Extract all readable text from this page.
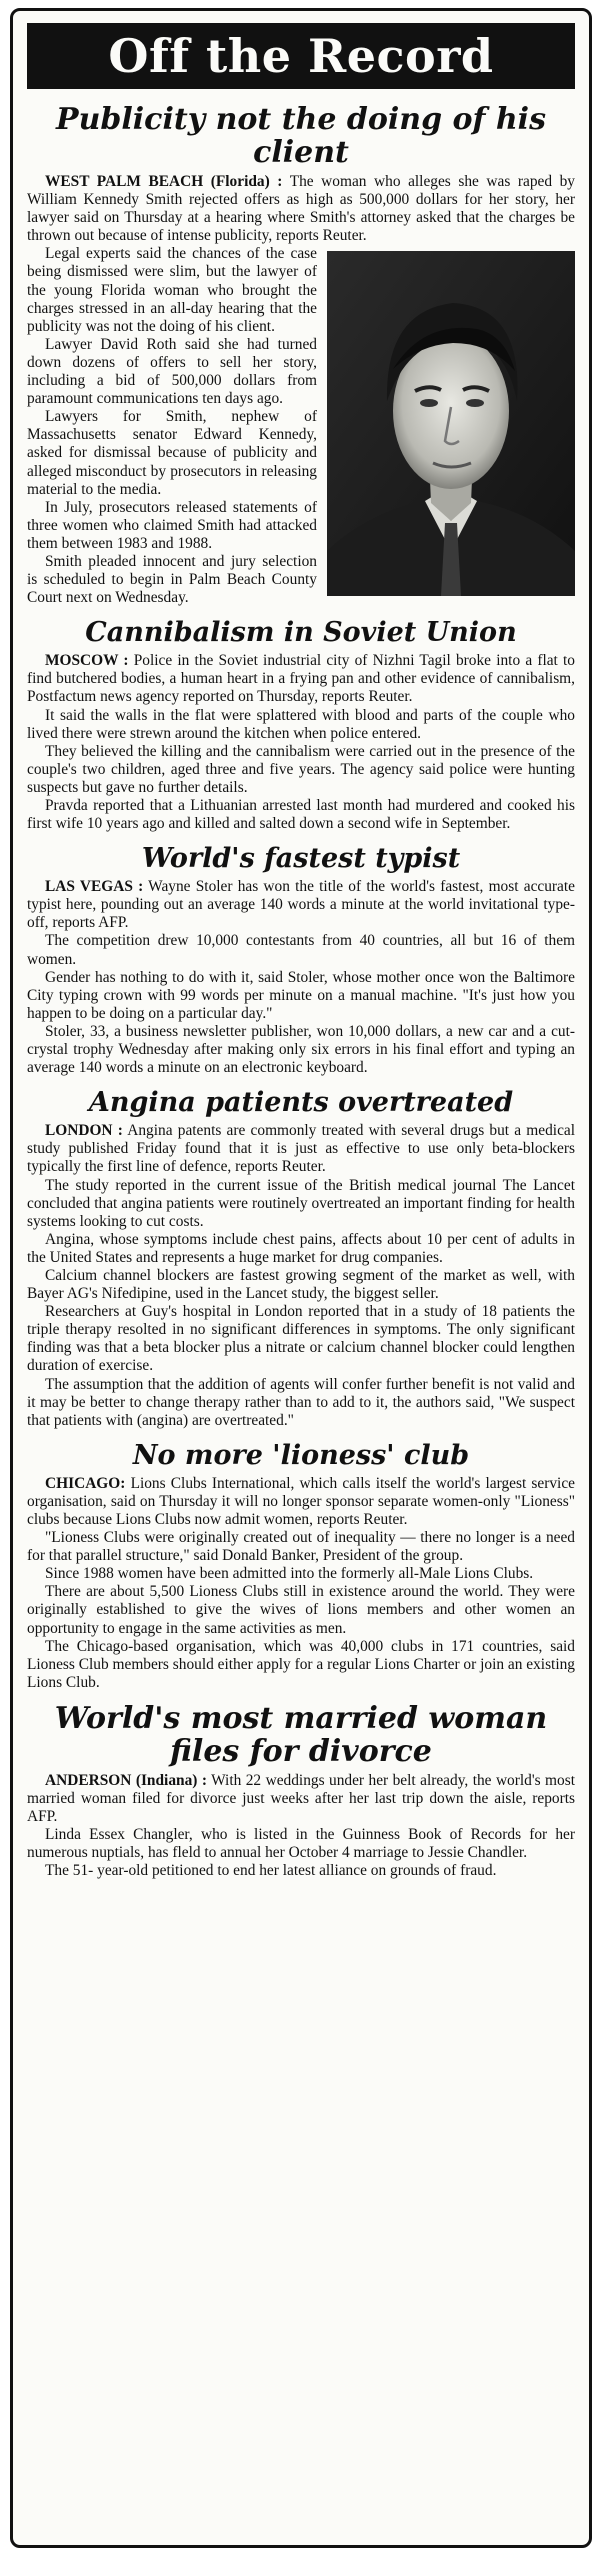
Off the Record
Publicity not the doing of his client

WEST PALM BEACH (Florida) : The woman who alleges she was raped by William Kennedy Smith rejected offers as high as 500,000 dollars for her story, her lawyer said on Thursday at a hearing where Smith's attorney asked that the charges be thrown out because of intense publicity, reports Reuter.

Legal experts said the chances of the case being dismissed were slim, but the lawyer of the young Florida woman who brought the charges stressed in an all-day hearing that the publicity was not the doing of his client.

Lawyer David Roth said she had turned down dozens of offers to sell her story, including a bid of 500,000 dollars from paramount communications ten days ago.

Lawyers for Smith, nephew of Massachusetts senator Edward Kennedy, asked for dismissal because of publicity and alleged misconduct by prosecutors in releasing material to the media.

In July, prosecutors released statements of three women who claimed Smith had attacked them between 1983 and 1988.

Smith pleaded innocent and jury selection is scheduled to begin in Palm Beach County Court next on Wednesday.

Cannibalism in Soviet Union

MOSCOW : Police in the Soviet industrial city of Nizhni Tagil broke into a flat to find butchered bodies, a human heart in a frying pan and other evidence of cannibalism, Postfactum news agency reported on Thursday, reports Reuter.

It said the walls in the flat were splattered with blood and parts of the couple who lived there were strewn around the kitchen when police entered.

They believed the killing and the cannibalism were carried out in the presence of the couple's two children, aged three and five years. The agency said police were hunting suspects but gave no further details.

Pravda reported that a Lithuanian arrested last month had murdered and cooked his first wife 10 years ago and killed and salted down a second wife in September.

World's fastest typist

LAS VEGAS : Wayne Stoler has won the title of the world's fastest, most accurate typist here, pounding out an average 140 words a minute at the world invitational type-off, reports AFP.

The competition drew 10,000 contestants from 40 countries, all but 16 of them women.

Gender has nothing to do with it, said Stoler, whose mother once won the Baltimore City typing crown with 99 words per minute on a manual machine. "It's just how you happen to be doing on a particular day."

Stoler, 33, a business newsletter publisher, won 10,000 dollars, a new car and a cut-crystal trophy Wednesday after making only six errors in his final effort and typing an average 140 words a minute on an electronic keyboard.

Angina patients overtreated

LONDON : Angina patents are commonly treated with several drugs but a medical study published Friday found that it is just as effective to use only beta-blockers typically the first line of defence, reports Reuter.

The study reported in the current issue of the British medical journal The Lancet concluded that angina patients were routinely overtreated an important finding for health systems looking to cut costs.

Angina, whose symptoms include chest pains, affects about 10 per cent of adults in the United States and represents a huge market for drug companies.

Calcium channel blockers are fastest growing segment of the market as well, with Bayer AG's Nifedipine, used in the Lancet study, the biggest seller.

Researchers at Guy's hospital in London reported that in a study of 18 patients the triple therapy resolted in no significant differences in symptoms. The only significant finding was that a beta blocker plus a nitrate or calcium channel blocker could lengthen duration of exercise.

The assumption that the addition of agents will confer further benefit is not valid and it may be better to change therapy rather than to add to it, the authors said, "We suspect that patients with (angina) are overtreated."

No more 'lioness' club

CHICAGO: Lions Clubs International, which calls itself the world's largest service organisation, said on Thursday it will no longer sponsor separate women-only "Lioness" clubs because Lions Clubs now admit women, reports Reuter.

"Lioness Clubs were originally created out of inequality — there no longer is a need for that parallel structure," said Donald Banker, President of the group.

Since 1988 women have been admitted into the formerly all-Male Lions Clubs.

There are about 5,500 Lioness Clubs still in existence around the world. They were originally established to give the wives of lions members and other women an opportunity to engage in the same activities as men.

The Chicago-based organisation, which was 40,000 clubs in 171 countries, said Lioness Club members should either apply for a regular Lions Charter or join an existing Lions Club.

World's most married woman files for divorce

ANDERSON (Indiana) : With 22 weddings under her belt already, the world's most married woman filed for divorce just weeks after her last trip down the aisle, reports AFP.

Linda Essex Changler, who is listed in the Guinness Book of Records for her numerous nuptials, has fleld to annual her October 4 marriage to Jessie Chandler.

The 51- year-old petitioned to end her latest alliance on grounds of fraud.
